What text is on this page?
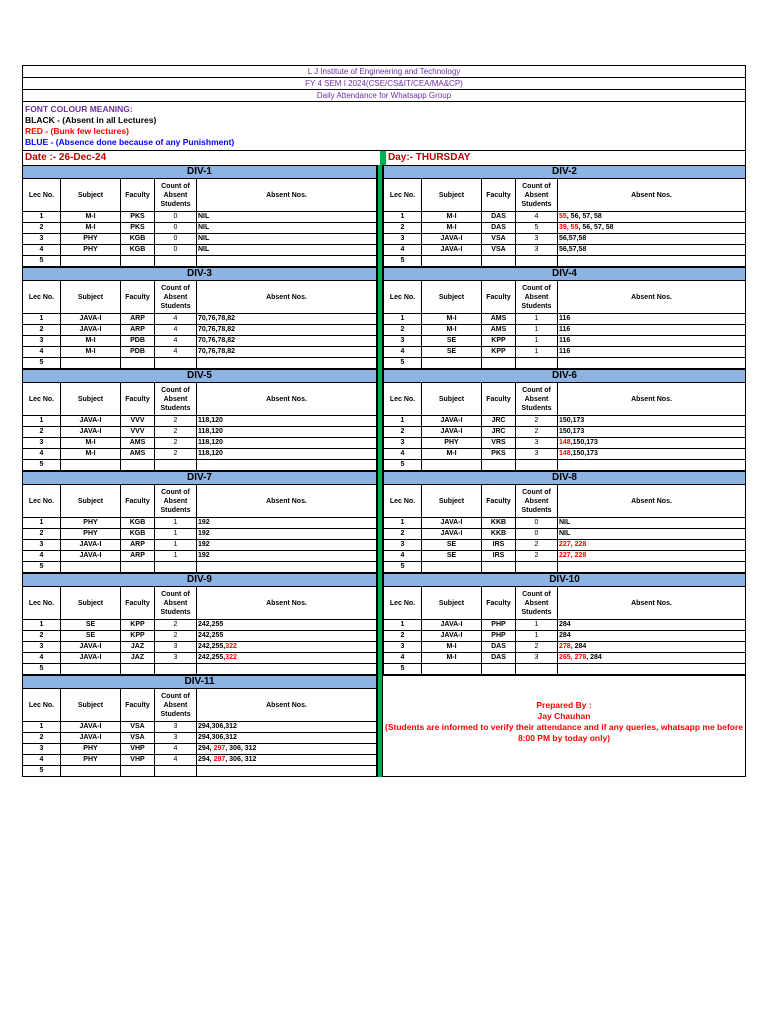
L J Institute of Engineering and Technology
FY 4 SEM I 2024(CSE/CS&IT/CEA/MA&CP)
Daily Attendance for Whatsapp Group
FONT COLOUR MEANING:
BLACK - (Absent in all Lectures)
RED - (Bunk few lectures)
BLUE - (Absence done because of any Punishment)
Date :- 26-Dec-24	Day:- THURSDAY
DIV-1				
Lec No.	Subject	Faculty	Count of Absent Students	Absent Nos.
1	M-I	PKS	0	NIL
2	M-I	PKS	0	NIL
3	PHY	KGB	0	NIL
4	PHY	KGB	0	NIL
5				
DIV-2				
Lec No.	Subject	Faculty	Count of Absent Students	Absent Nos.
1	M-I	DAS	4	55, 56, 57, 58
2	M-I	DAS	5	39, 55, 56, 57, 58
3	JAVA-I	VSA	3	56,57,58
4	JAVA-I	VSA	3	56,57,58
5				
DIV-3				
Lec No.	Subject	Faculty	Count of Absent Students	Absent Nos.
1	JAVA-I	ARP	4	70,76,78,82
2	JAVA-I	ARP	4	70,76,78,82
3	M-I	PDB	4	70,76,78,82
4	M-I	PDB	4	70,76,78,82
5				
DIV-4				
Lec No.	Subject	Faculty	Count of Absent Students	Absent Nos.
1	M-I	AMS	1	116
2	M-I	AMS	1	116
3	SE	KPP	1	116
4	SE	KPP	1	116
5				
DIV-5				
Lec No.	Subject	Faculty	Count of Absent Students	Absent Nos.
1	JAVA-I	VVV	2	118,120
2	JAVA-I	VVV	2	118,120
3	M-I	AMS	2	118,120
4	M-I	AMS	2	118,120
5				
DIV-6				
Lec No.	Subject	Faculty	Count of Absent Students	Absent Nos.
1	JAVA-I	JRC	2	150,173
2	JAVA-I	JRC	2	150,173
3	PHY	VRS	3	148,150,173
4	M-I	PKS	3	148,150,173
5				
DIV-7				
Lec No.	Subject	Faculty	Count of Absent Students	Absent Nos.
1	PHY	KGB	1	192
2	PHY	KGB	1	192
3	JAVA-I	ARP	1	192
4	JAVA-I	ARP	1	192
5				
DIV-8				
Lec No.	Subject	Faculty	Count of Absent Students	Absent Nos.
1	JAVA-I	KKB	0	NIL
2	JAVA-I	KKB	0	NIL
3	SE	IRS	2	227, 228
4	SE	IRS	2	227, 228
5				
DIV-9				
Lec No.	Subject	Faculty	Count of Absent Students	Absent Nos.
1	SE	KPP	2	242,255
2	SE	KPP	2	242,255
3	JAVA-I	JAZ	3	242,255,322
4	JAVA-I	JAZ	3	242,255,322
5				
DIV-10				
Lec No.	Subject	Faculty	Count of Absent Students	Absent Nos.
1	JAVA-I	PHP	1	284
2	JAVA-I	PHP	1	284
3	M-I	DAS	2	278, 284
4	M-I	DAS	3	265, 278, 284
5				
DIV-11				
Lec No.	Subject	Faculty	Count of Absent Students	Absent Nos.
1	JAVA-I	VSA	3	294,306,312
2	JAVA-I	VSA	3	294,306,312
3	PHY	VHP	4	294, 297, 306, 312
4	PHY	VHP	4	294, 297, 306, 312
5				
Prepared By :
Jay Chauhan
(Students are informed to verify their attendance and if any queries, whatsapp me before 8:00 PM by today only)
